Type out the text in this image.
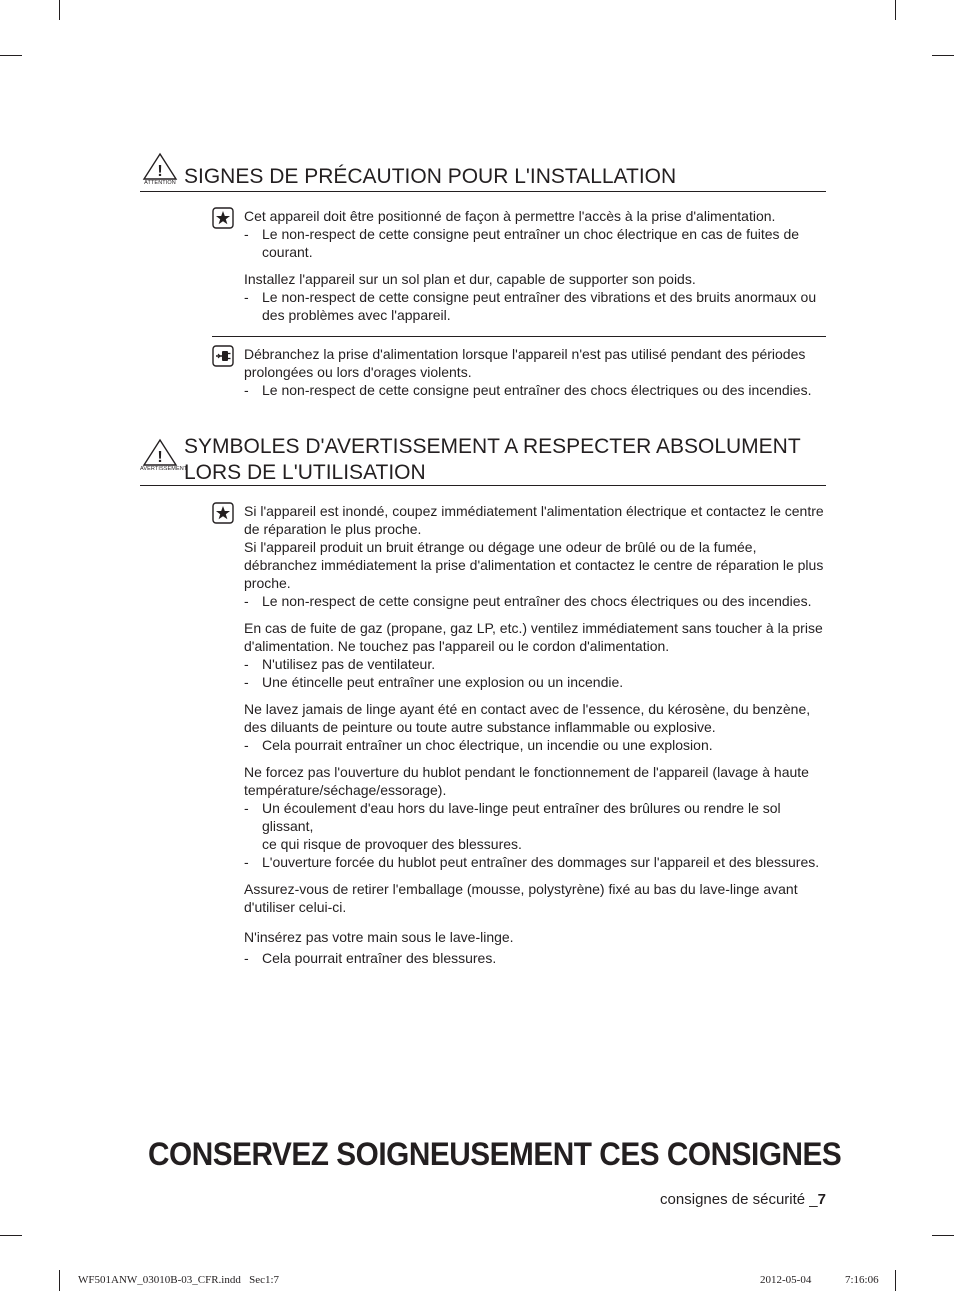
!
ATTENTION SIGNES DE PRÉCAUTION POUR L'INSTALLATION

Cet appareil doit être positionné de façon à permettre l'accès à la prise d'alimentation.

- Le non-respect de cette consigne peut entraîner un choc électrique en cas de fuites de courant.

Installez l'appareil sur un sol plan et dur, capable de supporter son poids.

- Le non-respect de cette consigne peut entraîner des vibrations et des bruits anormaux ou des problèmes avec l'appareil.

Débranchez la prise d'alimentation lorsque l'appareil n'est pas utilisé pendant des périodes prolongées ou lors d'orages violents.

- Le non-respect de cette consigne peut entraîner des chocs électriques ou des incendies.

!
AVERTISSEMENT
SYMBOLES D'AVERTISSEMENT A RESPECTER ABSOLUMENT
LORS DE L'UTILISATION

Si l'appareil est inondé, coupez immédiatement l'alimentation électrique et contactez le centre de réparation le plus proche.

Si l'appareil produit un bruit étrange ou dégage une odeur de brûlé ou de la fumée, débranchez immédiatement la prise d'alimentation et contactez le centre de réparation le plus proche.

- Le non-respect de cette consigne peut entraîner des chocs électriques ou des incendies.

En cas de fuite de gaz (propane, gaz LP, etc.) ventilez immédiatement sans toucher à la prise d'alimentation. Ne touchez pas l'appareil ou le cordon d'alimentation.

- N'utilisez pas de ventilateur.

- Une étincelle peut entraîner une explosion ou un incendie.

Ne lavez jamais de linge ayant été en contact avec de l'essence, du kérosène, du benzène, des diluants de peinture ou toute autre substance inflammable ou explosive.

- Cela pourrait entraîner un choc électrique, un incendie ou une explosion.

Ne forcez pas l'ouverture du hublot pendant le fonctionnement de l'appareil (lavage à haute température/séchage/essorage).

- Un écoulement d'eau hors du lave-linge peut entraîner des brûlures ou rendre le sol glissant,
ce qui risque de provoquer des blessures.

- L'ouverture forcée du hublot peut entraîner des dommages sur l'appareil et des blessures.

Assurez-vous de retirer l'emballage (mousse, polystyrène) fixé au bas du lave-linge avant d'utiliser celui-ci.

N'insérez pas votre main sous le lave-linge.

- Cela pourrait entraîner des blessures.

CONSERVEZ SOIGNEUSEMENT CES CONSIGNES
consignes de sécurité _7
WF501ANW_03010B-03_CFR.indd   Sec1:7	2012-05-04	7:16:06
